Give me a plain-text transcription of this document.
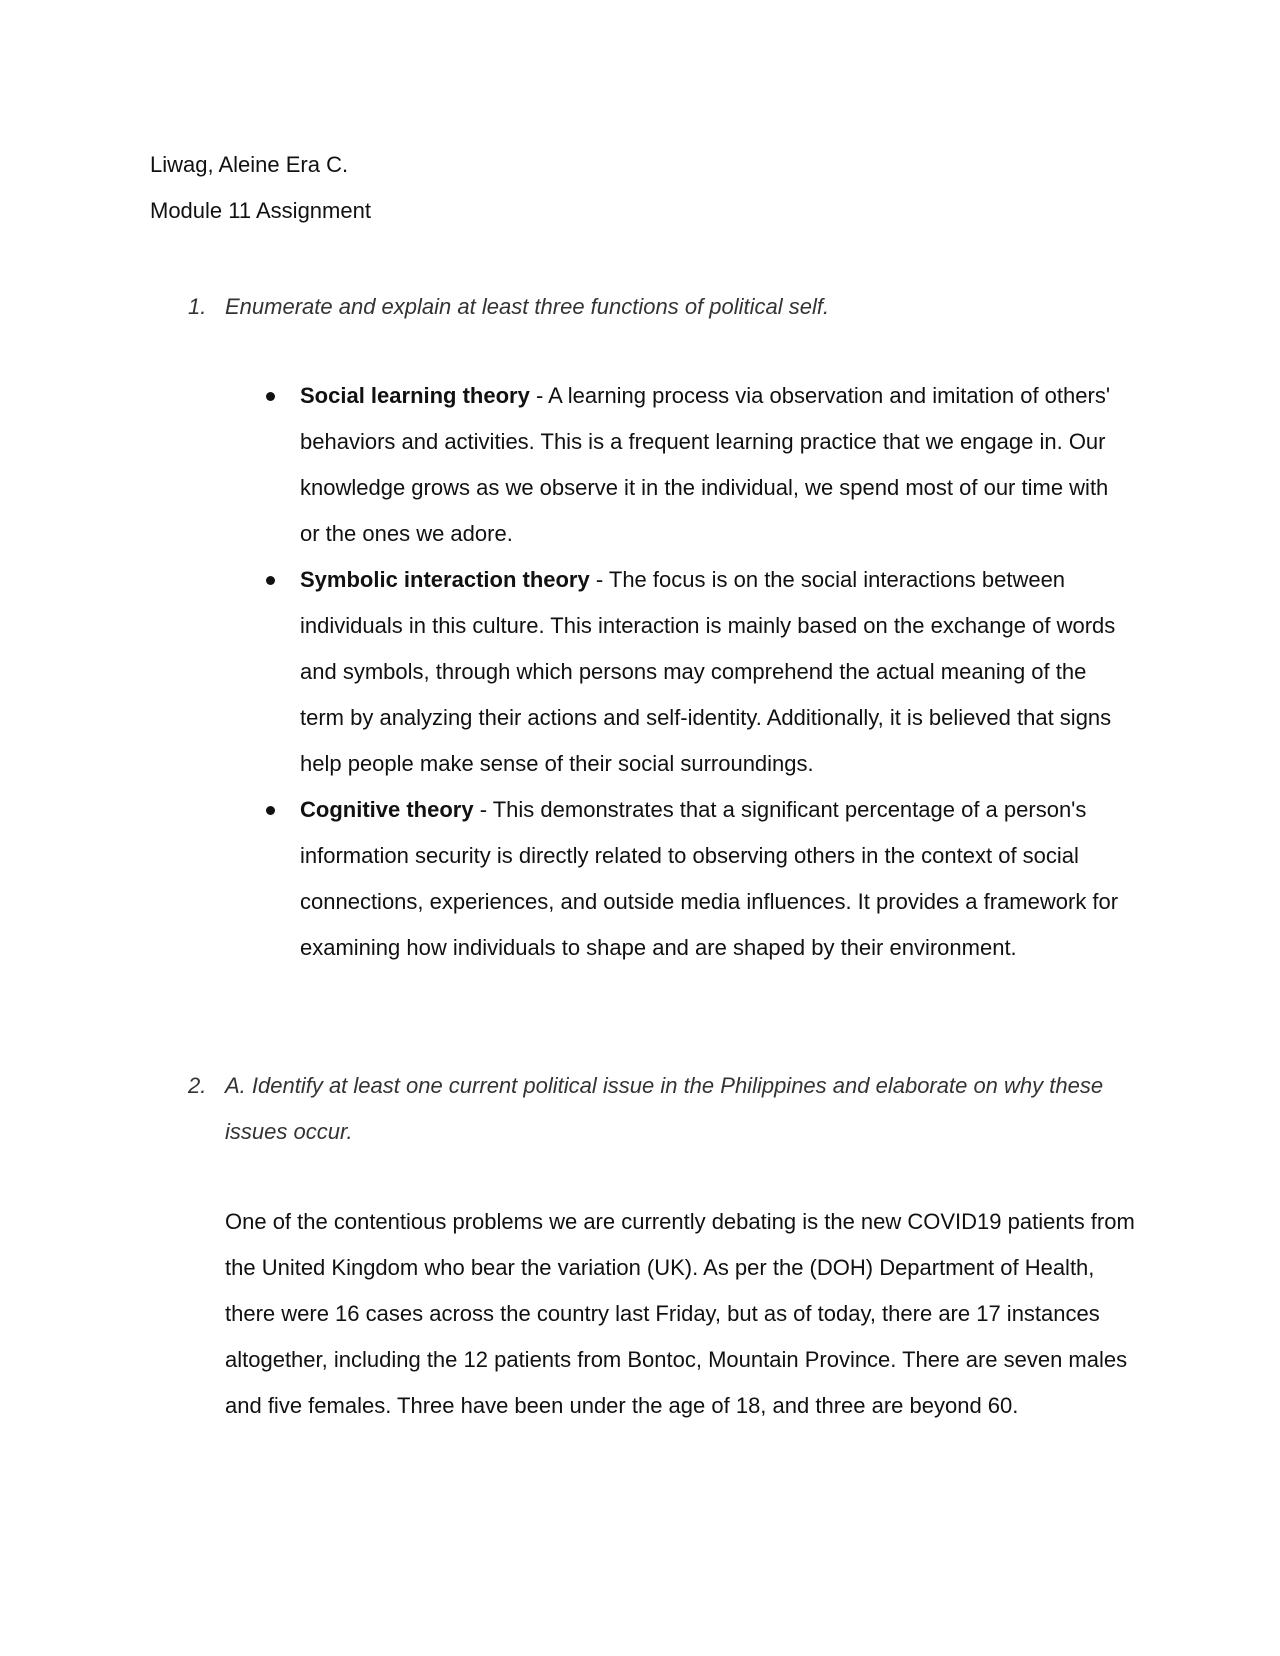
Liwag, Aleine Era C.
Module 11 Assignment
1. Enumerate and explain at least three functions of political self.
Social learning theory - A learning process via observation and imitation of others' behaviors and activities. This is a frequent learning practice that we engage in. Our knowledge grows as we observe it in the individual, we spend most of our time with or the ones we adore.
Symbolic interaction theory - The focus is on the social interactions between individuals in this culture. This interaction is mainly based on the exchange of words and symbols, through which persons may comprehend the actual meaning of the term by analyzing their actions and self-identity. Additionally, it is believed that signs help people make sense of their social surroundings.
Cognitive theory - This demonstrates that a significant percentage of a person's information security is directly related to observing others in the context of social connections, experiences, and outside media influences. It provides a framework for examining how individuals to shape and are shaped by their environment.
2. A. Identify at least one current political issue in the Philippines and elaborate on why these issues occur.

One of the contentious problems we are currently debating is the new COVID19 patients from the United Kingdom who bear the variation (UK). As per the (DOH) Department of Health, there were 16 cases across the country last Friday, but as of today, there are 17 instances altogether, including the 12 patients from Bontoc, Mountain Province. There are seven males and five females. Three have been under the age of 18, and three are beyond 60.
